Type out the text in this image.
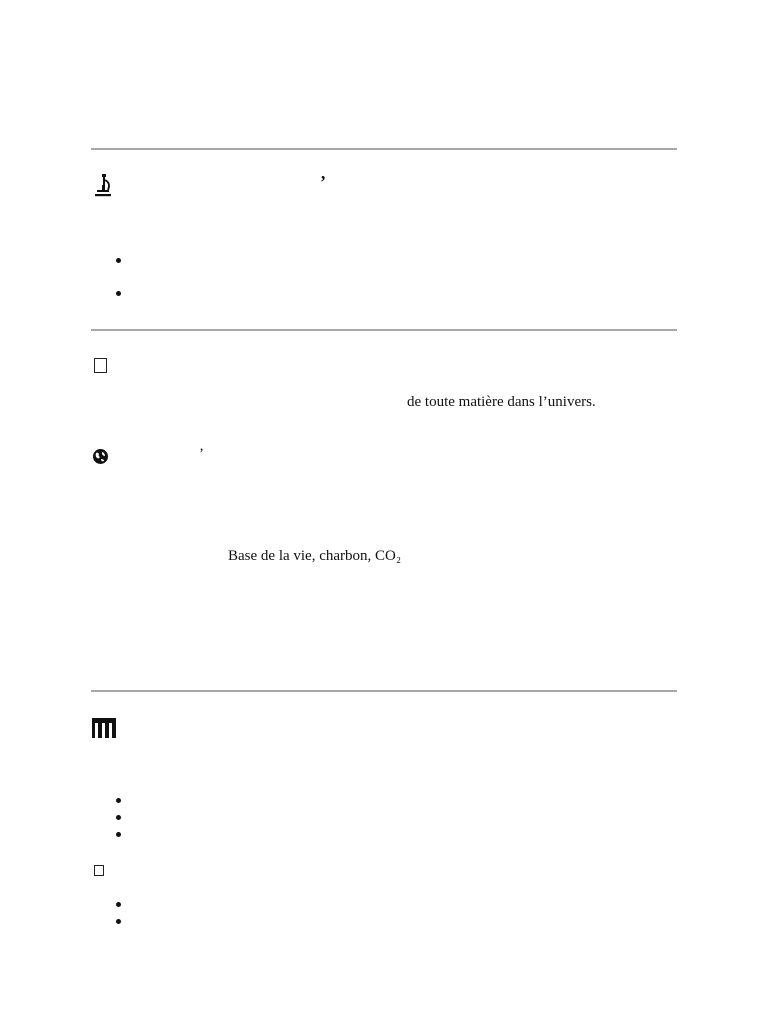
’
de toute matière dans l’univers.
’
Base de la vie, charbon, CO₂
